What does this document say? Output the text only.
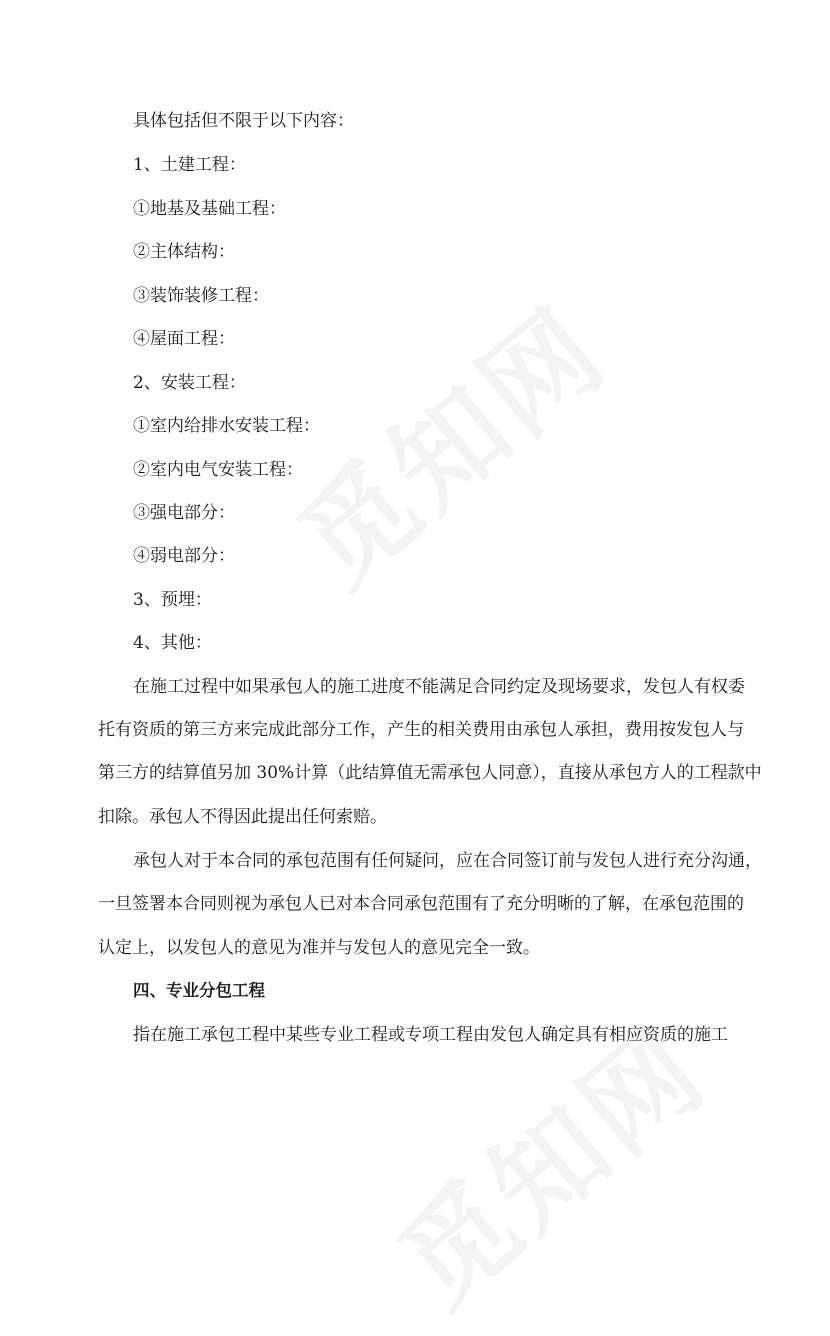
具体包括但不限于以下内容：
1、土建工程：
①地基及基础工程：
②主体结构：
③装饰装修工程：
④屋面工程：
2、安装工程：
①室内给排水安装工程：
②室内电气安装工程：
③强电部分：
④弱电部分：
3、预埋：
4、其他：
在施工过程中如果承包人的施工进度不能满足合同约定及现场要求，发包人有权委
托有资质的第三方来完成此部分工作，产生的相关费用由承包人承担，费用按发包人与
第三方的结算值另加 30%计算（此结算值无需承包人同意），直接从承包方人的工程款中
扣除。承包人不得因此提出任何索赔。
承包人对于本合同的承包范围有任何疑问，应在合同签订前与发包人进行充分沟通，
一旦签署本合同则视为承包人已对本合同承包范围有了充分明晰的了解，在承包范围的
认定上，以发包人的意见为准并与发包人的意见完全一致。
四、专业分包工程
指在施工承包工程中某些专业工程或专项工程由发包人确定具有相应资质的施工
